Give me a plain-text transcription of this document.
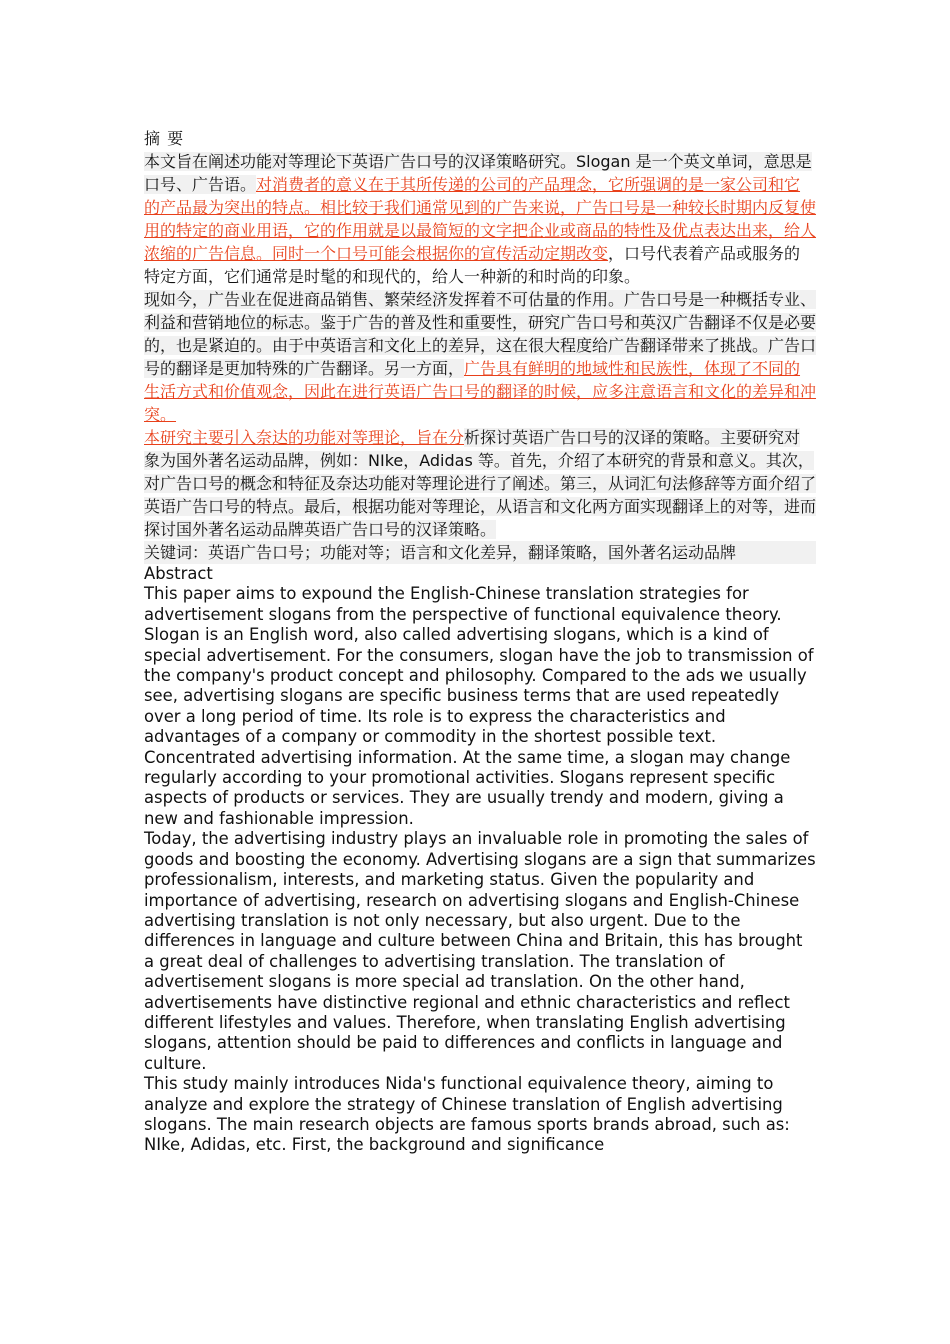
摘 要

本文旨在阐述功能对等理论下英语广告口号的汉译策略研究。Slogan 是一个英文单词，意思是口号、广告语。对消费者的意义在于其所传递的公司的产品理念，它所强调的是一家公司和它的产品最为突出的特点。相比较于我们通常见到的广告来说，广告口号是一种较长时期内反复使用的特定的商业用语，它的作用就是以最简短的文字把企业或商品的特性及优点表达出来，给人浓缩的广告信息。同时一个口号可能会根据你的宣传活动定期改变，口号代表着产品或服务的特定方面，它们通常是时髦的和现代的，给人一种新的和时尚的印象。

现如今，广告业在促进商品销售、繁荣经济发挥着不可估量的作用。广告口号是一种概括专业、利益和营销地位的标志。鉴于广告的普及性和重要性，研究广告口号和英汉广告翻译不仅是必要的，也是紧迫的。由于中英语言和文化上的差异，这在很大程度给广告翻译带来了挑战。广告口号的翻译是更加特殊的广告翻译。另一方面，广告具有鲜明的地域性和民族性，体现了不同的生活方式和价值观念，因此在进行英语广告口号的翻译的时候，应多注意语言和文化的差异和冲突。

本研究主要引入奈达的功能对等理论，旨在分析探讨英语广告口号的汉译的策略。主要研究对象为国外著名运动品牌，例如：NIke，Adidas 等。首先，介绍了本研究的背景和意义。其次，对广告口号的概念和特征及奈达功能对等理论进行了阐述。第三，从词汇句法修辞等方面介绍了英语广告口号的特点。最后，根据功能对等理论，从语言和文化两方面实现翻译上的对等，进而探讨国外著名运动品牌英语广告口号的汉译策略。

关键词：英语广告口号；功能对等；语言和文化差异，翻译策略，国外著名运动品牌

Abstract

This paper aims to expound the English-Chinese translation strategies for advertisement slogans from the perspective of functional equivalence theory. Slogan is an English word, also called advertising slogans, which is a kind of special advertisement. For the consumers, slogan have the job to transmission of the company's product concept and philosophy. Compared to the ads we usually see, advertising slogans are specific business terms that are used repeatedly over a long period of time. Its role is to express the characteristics and advantages of a company or commodity in the shortest possible text. Concentrated advertising information. At the same time, a slogan may change regularly according to your promotional activities. Slogans represent specific aspects of products or services. They are usually trendy and modern, giving a new and fashionable impression.

Today, the advertising industry plays an invaluable role in promoting the sales of goods and boosting the economy. Advertising slogans are a sign that summarizes professionalism, interests, and marketing status. Given the popularity and importance of advertising, research on advertising slogans and English-Chinese advertising translation is not only necessary, but also urgent. Due to the differences in language and culture between China and Britain, this has brought a great deal of challenges to advertising translation. The translation of advertisement slogans is more special ad translation. On the other hand, advertisements have distinctive regional and ethnic characteristics and reflect different lifestyles and values. Therefore, when translating English advertising slogans, attention should be paid to differences and conflicts in language and culture.

This study mainly introduces Nida's functional equivalence theory, aiming to analyze and explore the strategy of Chinese translation of English advertising slogans. The main research objects are famous sports brands abroad, such as: NIke, Adidas, etc. First, the background and significance
